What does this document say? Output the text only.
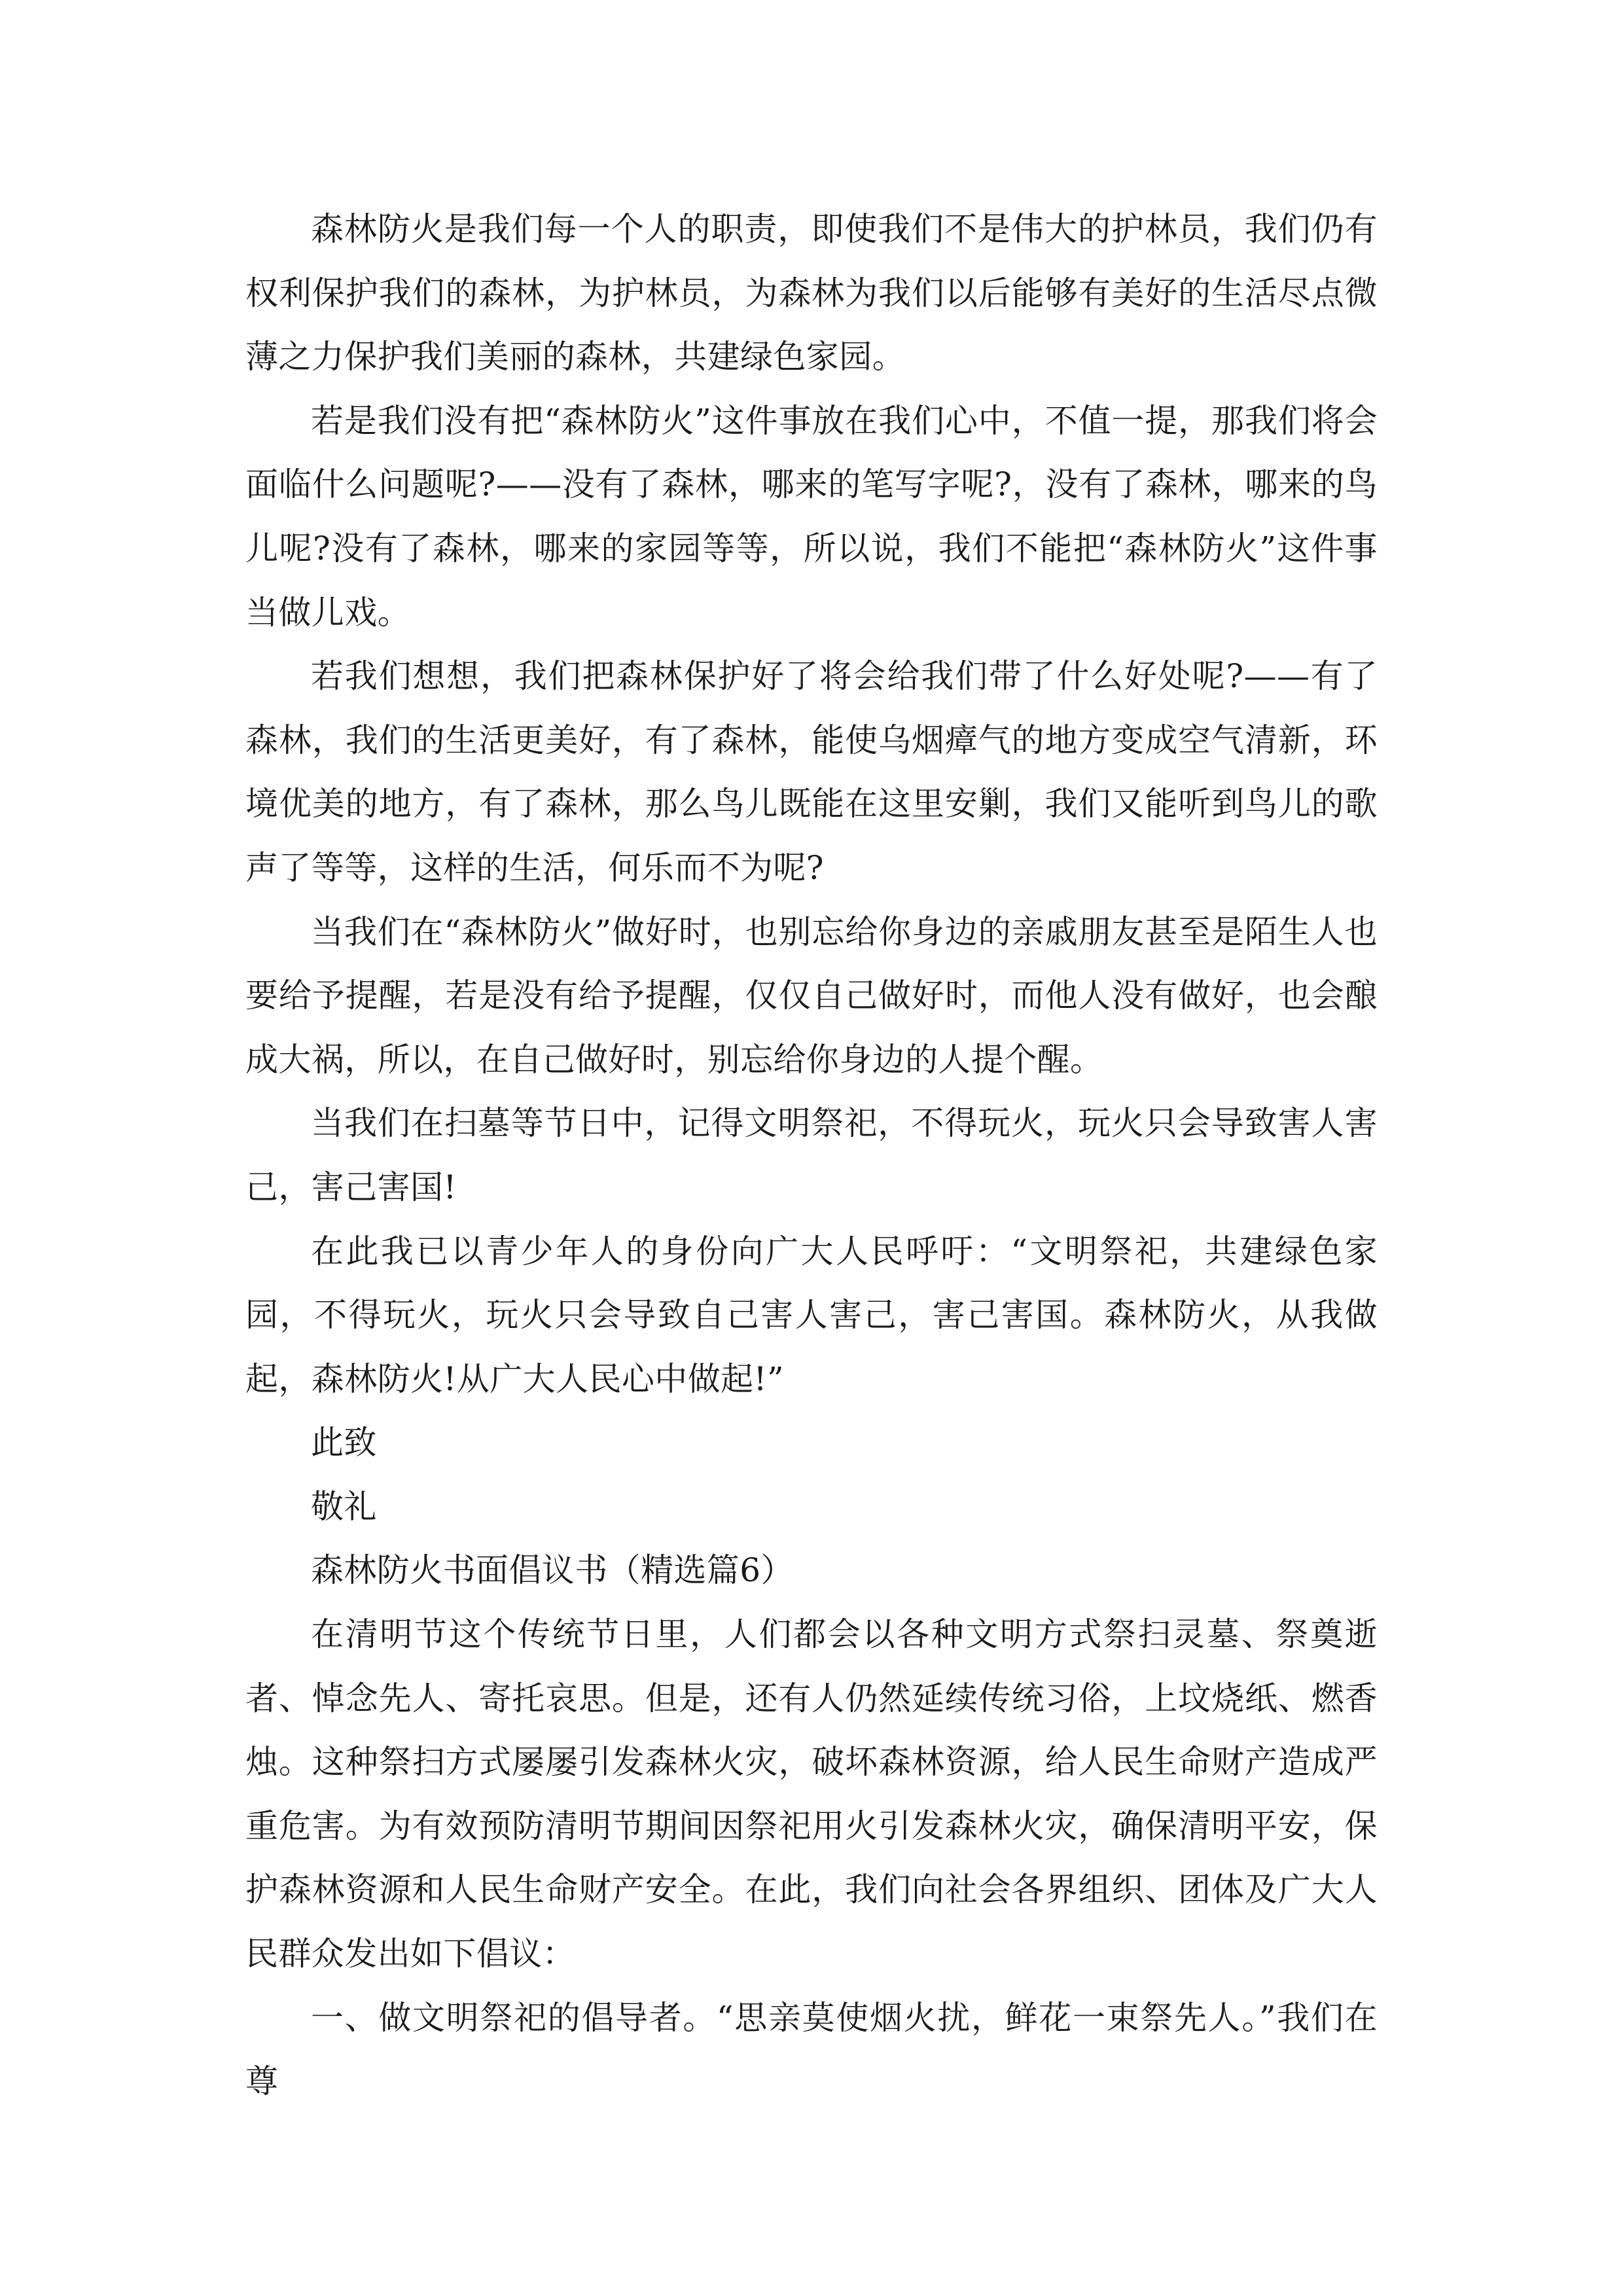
森林防火是我们每一个人的职责，即使我们不是伟大的护林员，我们仍有权利保护我们的森林，为护林员，为森林为我们以后能够有美好的生活尽点微薄之力保护我们美丽的森林，共建绿色家园。

若是我们没有把“森林防火”这件事放在我们心中，不值一提，那我们将会面临什么问题呢?——没有了森林，哪来的笔写字呢?，没有了森林，哪来的鸟儿呢?没有了森林，哪来的家园等等，所以说，我们不能把“森林防火”这件事当做儿戏。

若我们想想，我们把森林保护好了将会给我们带了什么好处呢?——有了森林，我们的生活更美好，有了森林，能使乌烟瘴气的地方变成空气清新，环境优美的地方，有了森林，那么鸟儿既能在这里安剿，我们又能听到鸟儿的歌声了等等，这样的生活，何乐而不为呢?

当我们在“森林防火”做好时，也别忘给你身边的亲戚朋友甚至是陌生人也要给予提醒，若是没有给予提醒，仅仅自己做好时，而他人没有做好，也会酿成大祸，所以，在自己做好时，别忘给你身边的人提个醒。

当我们在扫墓等节日中，记得文明祭祀，不得玩火，玩火只会导致害人害己，害己害国!

在此我已以青少年人的身份向广大人民呼吁：“文明祭祀，共建绿色家园，不得玩火，玩火只会导致自己害人害己，害己害国。森林防火，从我做起，森林防火!从广大人民心中做起!”

此致

敬礼

森林防火书面倡议书（精选篇6）

在清明节这个传统节日里，人们都会以各种文明方式祭扫灵墓、祭奠逝者、悼念先人、寄托哀思。但是，还有人仍然延续传统习俗，上坟烧纸、燃香烛。这种祭扫方式屡屡引发森林火灾，破坏森林资源，给人民生命财产造成严重危害。为有效预防清明节期间因祭祀用火引发森林火灾，确保清明平安，保护森林资源和人民生命财产安全。在此，我们向社会各界组织、团体及广大人民群众发出如下倡议：

一、做文明祭祀的倡导者。“思亲莫使烟火扰，鲜花一束祭先人。”我们在尊
